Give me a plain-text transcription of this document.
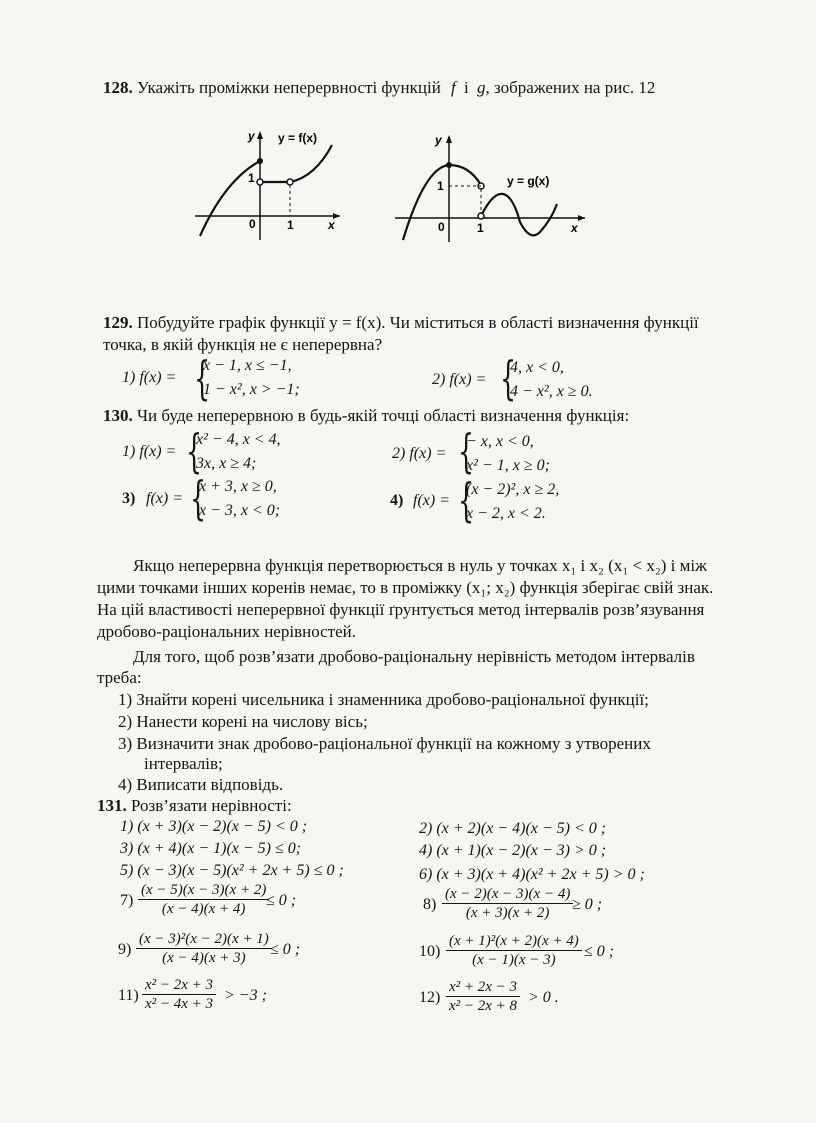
128. Укажіть проміжки неперервності функцій f і g, зображених на рис. 12
y y = f(x)
1
0	1	x
y
y = g(x)
1
0	1	x
129. Побудуйте графік функції y = f(x). Чи міститься в області визначення функції
точка, в якій функція не є неперервна?
1) f(x) = {
x − 1, x ≤ −1,
1 − x², x > −1;
2) f(x) = {
4, x < 0,
4 − x², x ≥ 0.
130. Чи буде неперервною в будь-якій точці області визначення функція:
1) f(x) = {
x² − 4, x < 4,
3x, x ≥ 4;
2) f(x) = {
− x, x < 0,
x² − 1, x ≥ 0;
3) f(x) = {
x + 3, x ≥ 0,
x − 3, x < 0;
4) f(x) = {
(x − 2)², x ≥ 2,
x − 2, x < 2.
Якщо неперервна функція перетворюється в нуль у точках x₁ і x₂ (x₁ < x₂) і між
цими точками інших коренів немає, то в проміжку (x₁; x₂) функція зберігає свій знак.
На цій властивості неперервної функції ґрунтується метод інтервалів розв’язування
дробово-раціональних нерівностей.
Для того, щоб розв’язати дробово-раціональну нерівність методом інтервалів
треба:
1) Знайти корені чисельника і знаменника дробово-раціональної функції;
2) Нанести корені на числову вісь;
3) Визначити знак дробово-раціональної функції на кожному з утворених
інтервалів;
4) Виписати відповідь.
131. Розв’язати нерівності:
1) (x + 3)(x − 2)(x − 5) < 0 ;
3) (x + 4)(x − 1)(x − 5) ≤ 0;
5) (x − 3)(x − 5)(x² + 2x + 5) ≤ 0 ;
2) (x + 2)(x − 4)(x − 5) < 0 ;
4) (x + 1)(x − 2)(x − 3) > 0 ;
6) (x + 3)(x + 4)(x² + 2x + 5) > 0 ;
$7) \frac{(x - 5)(x - 3)(x + 2)}{(x - 4)(x + 4)}$
≤ 0 ;	$8) \frac{(x - 2)(x - 3)(x - 4)}{(x + 3)(x + 2)}$
≥ 0 ;
$9) \frac{\text{(x − 3)²(x − 2)(x + 1)}}{(x - 4)(x + 3)}$
≤ 0 ;	$10) \frac{\text{(x + 1)²(x + 2)(x + 4)}}{(x - 1)(x - 3)} \le 0$ ;
$11) \frac{\text{x² − 2x + 3}}{\text{x² − 4x + 3}} > -3$ ;	$12) \frac{\text{x² + 2x − 3}}{\text{x² − 2x + 8}} > 0$ .
